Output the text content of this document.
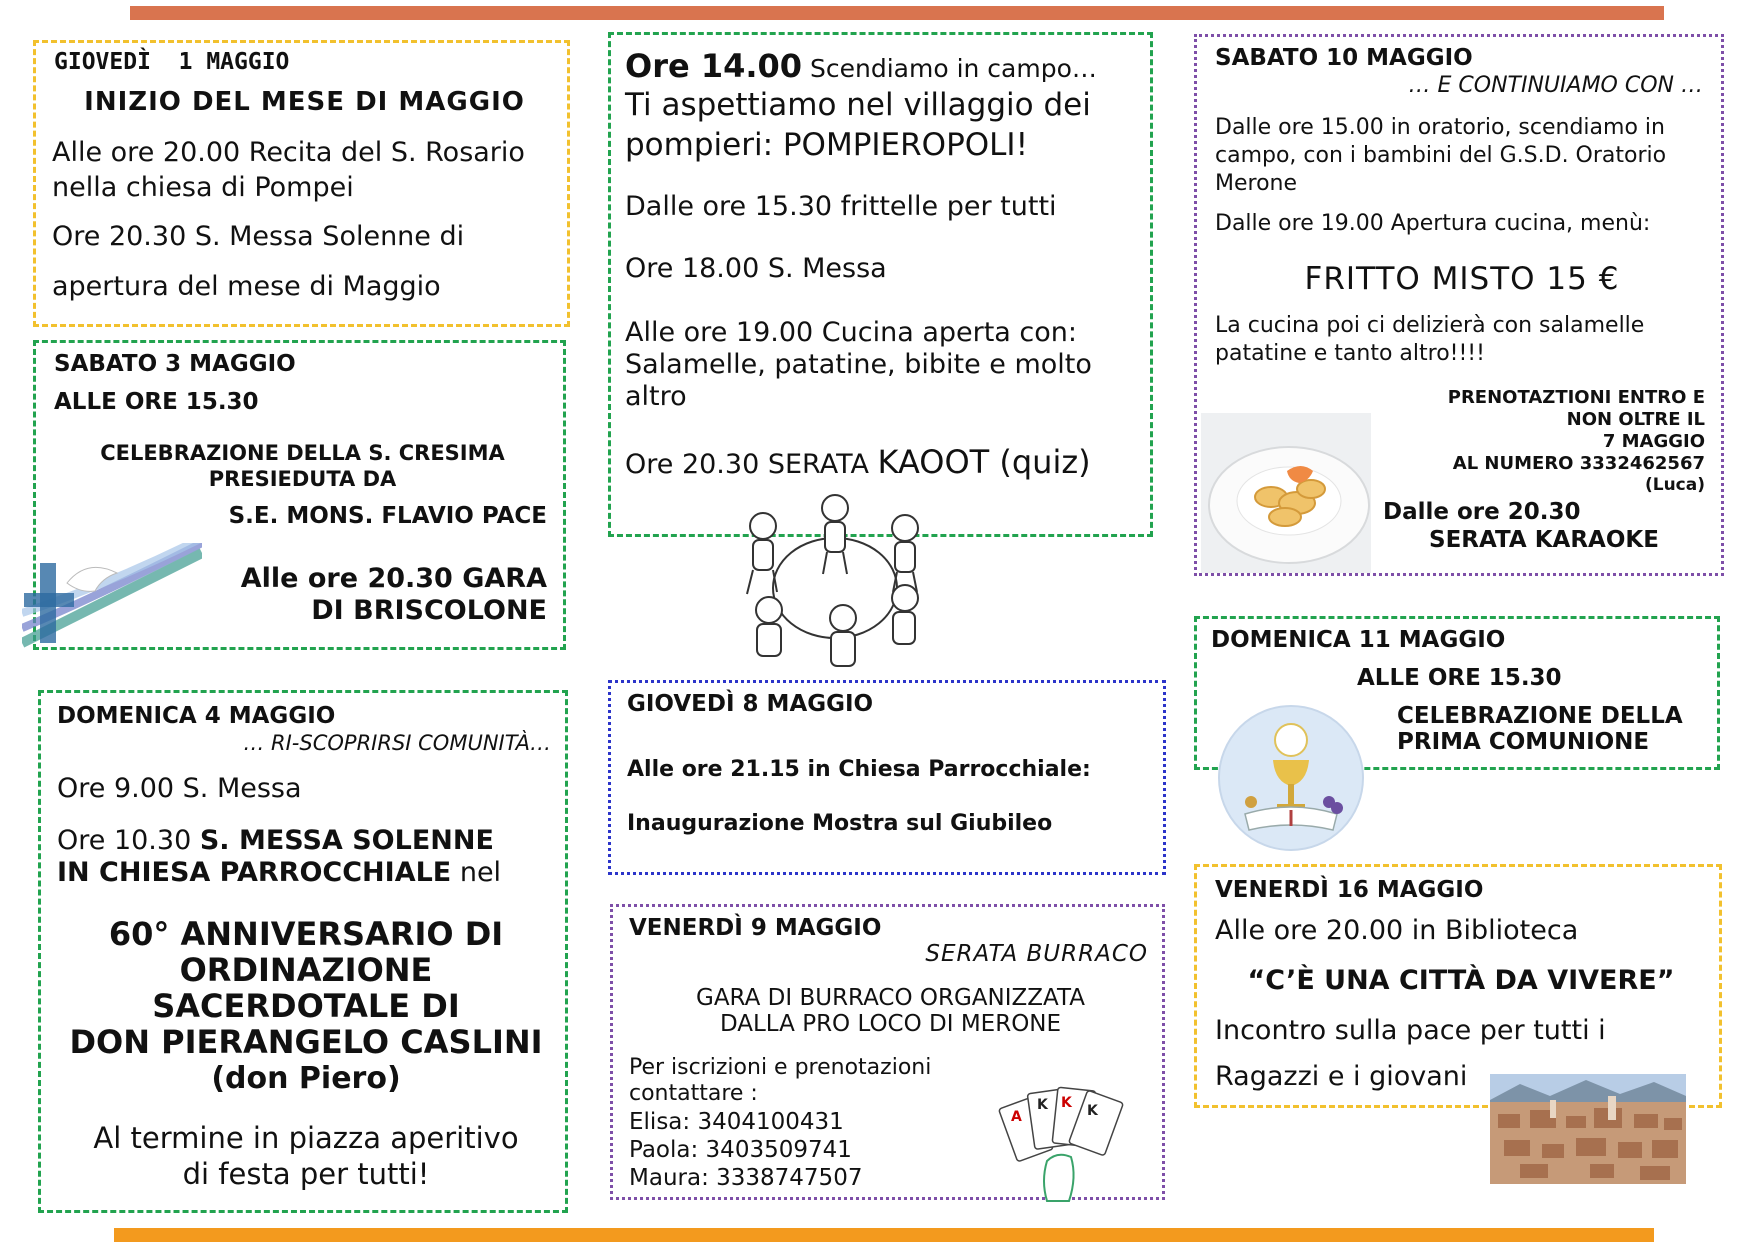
GIOVEDÌ  1 MAGGIO
INIZIO DEL MESE DI MAGGIO
Alle ore 20.00 Recita del S. Rosario nella chiesa di Pompei
Ore 20.30 S. Messa Solenne di
apertura del mese di Maggio
SABATO 3 MAGGIO
ALLE ORE 15.30
CELEBRAZIONE DELLA S. CRESIMA
PRESIEDUTA DA
S.E. MONS. FLAVIO PACE
Alle ore 20.30 GARA
DI BRISCOLONE
DOMENICA 4 MAGGIO
… RI-SCOPRIRSI COMUNITÀ…
Ore 9.00 S. Messa
Ore 10.30 S. MESSA SOLENNE
IN CHIESA PARROCCHIALE nel
60° ANNIVERSARIO DI
ORDINAZIONE
SACERDOTALE DI
DON PIERANGELO CASLINI
(don Piero)
Al termine in piazza aperitivo
di festa per tutti!
Ore 14.00 Scendiamo in campo…
Ti aspettiamo nel villaggio dei
pompieri: POMPIEROPOLI!
Dalle ore 15.30 frittelle per tutti
Ore 18.00 S. Messa
Alle ore 19.00 Cucina aperta con:
Salamelle, patatine, bibite e molto
altro
Ore 20.30 SERATA KAOOT (quiz)
GIOVEDÌ 8 MAGGIO
Alle ore 21.15 in Chiesa Parrocchiale:
Inaugurazione Mostra sul Giubileo
VENERDÌ 9 MAGGIO
SERATA BURRACO
GARA DI BURRACO ORGANIZZATA
DALLA PRO LOCO DI MERONE
Per iscrizioni e prenotazioni
contattare :
Elisa: 3404100431
Paola: 3403509741
Maura: 3338747507
A
K K K
SABATO 10 MAGGIO
… E CONTINUIAMO CON …
Dalle ore 15.00 in oratorio, scendiamo in
campo, con i bambini del G.S.D. Oratorio
Merone
Dalle ore 19.00 Apertura cucina, menù:
FRITTO MISTO 15 €
La cucina poi ci delizierà con salamelle
patatine e tanto altro!!!!
PRENOTAZTIONI ENTRO E
NON OLTRE IL
7 MAGGIO
AL NUMERO 3332462567
(Luca)
Dalle ore 20.30
SERATA KARAOKE
DOMENICA 11 MAGGIO
ALLE ORE 15.30
CELEBRAZIONE DELLA
PRIMA COMUNIONE
VENERDÌ 16 MAGGIO
Alle ore 20.00 in Biblioteca
“C’È UNA CITTÀ DA VIVERE”
Incontro sulla pace per tutti i
Ragazzi e i giovani
